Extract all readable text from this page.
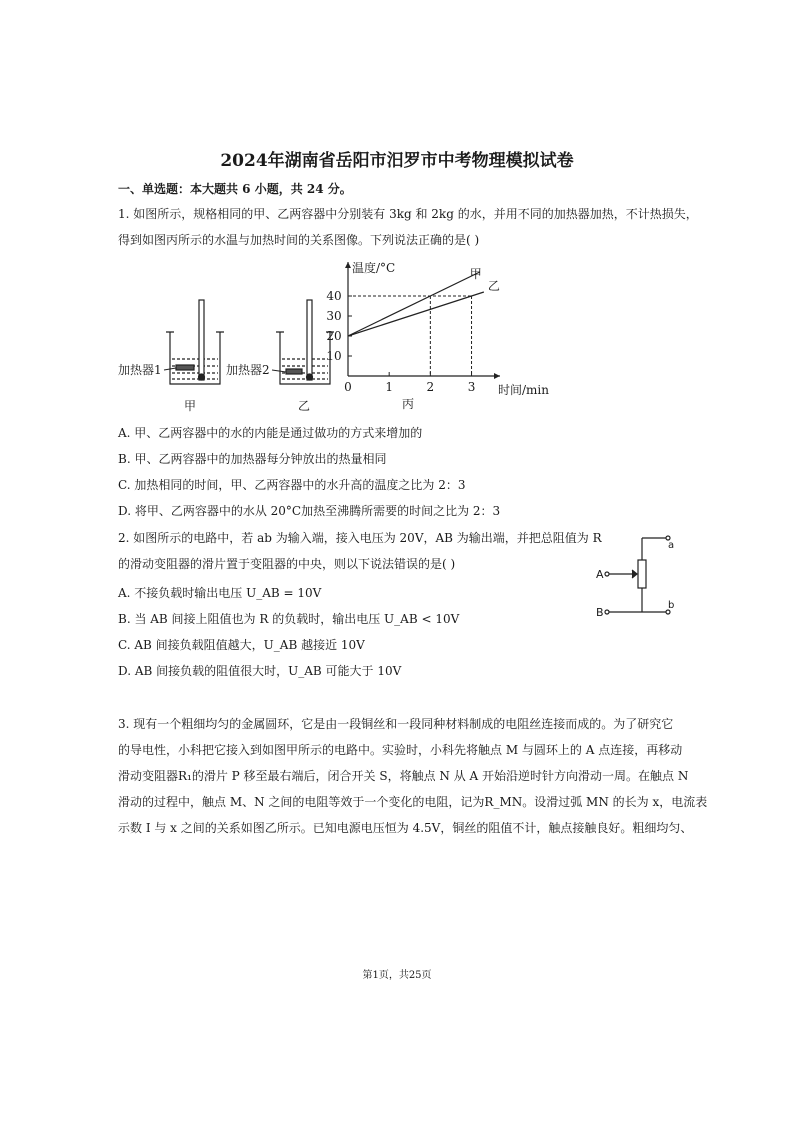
2024年湖南省岳阳市汨罗市中考物理模拟试卷
一、单选题：本大题共 6 小题，共 24 分。
1. 如图所示，规格相同的甲、乙两容器中分别装有 3kg 和 2kg 的水，并用不同的加热器加热，不计热损失，
得到如图丙所示的水温与加热时间的关系图像。下列说法正确的是( )
加热器1
甲
加热器2
乙
10
20
30
40
0	1	2	3
甲
乙
温度/°C
时间/min
丙
A. 甲、乙两容器中的水的内能是通过做功的方式来增加的
B. 甲、乙两容器中的加热器每分钟放出的热量相同
C. 加热相同的时间，甲、乙两容器中的水升高的温度之比为 2：3
D. 将甲、乙两容器中的水从 20°C加热至沸腾所需要的时间之比为 2：3
2. 如图所示的电路中，若 ab 为输入端，接入电压为 20V，AB 为输出端，并把总阻值为 R
的滑动变阻器的滑片置于变阻器的中央，则以下说法错误的是( )
a
b
A
B
A. 不接负载时输出电压 U_AB = 10V
B. 当 AB 间接上阻值也为 R 的负载时，输出电压 U_AB < 10V
C. AB 间接负载阻值越大，U_AB 越接近 10V
D. AB 间接负载的阻值很大时，U_AB 可能大于 10V
3. 现有一个粗细均匀的金属圆环，它是由一段铜丝和一段同种材料制成的电阻丝连接而成的。为了研究它
的导电性，小科把它接入到如图甲所示的电路中。实验时，小科先将触点 M 与圆环上的 A 点连接，再移动
滑动变阻器R₁的滑片 P 移至最右端后，闭合开关 S，将触点 N 从 A 开始沿逆时针方向滑动一周。在触点 N
滑动的过程中，触点 M、N 之间的电阻等效于一个变化的电阻，记为R_MN。设滑过弧 MN 的长为 x，电流表
示数 I 与 x 之间的关系如图乙所示。已知电源电压恒为 4.5V，铜丝的阻值不计，触点接触良好。粗细均匀、
第1页，共25页
